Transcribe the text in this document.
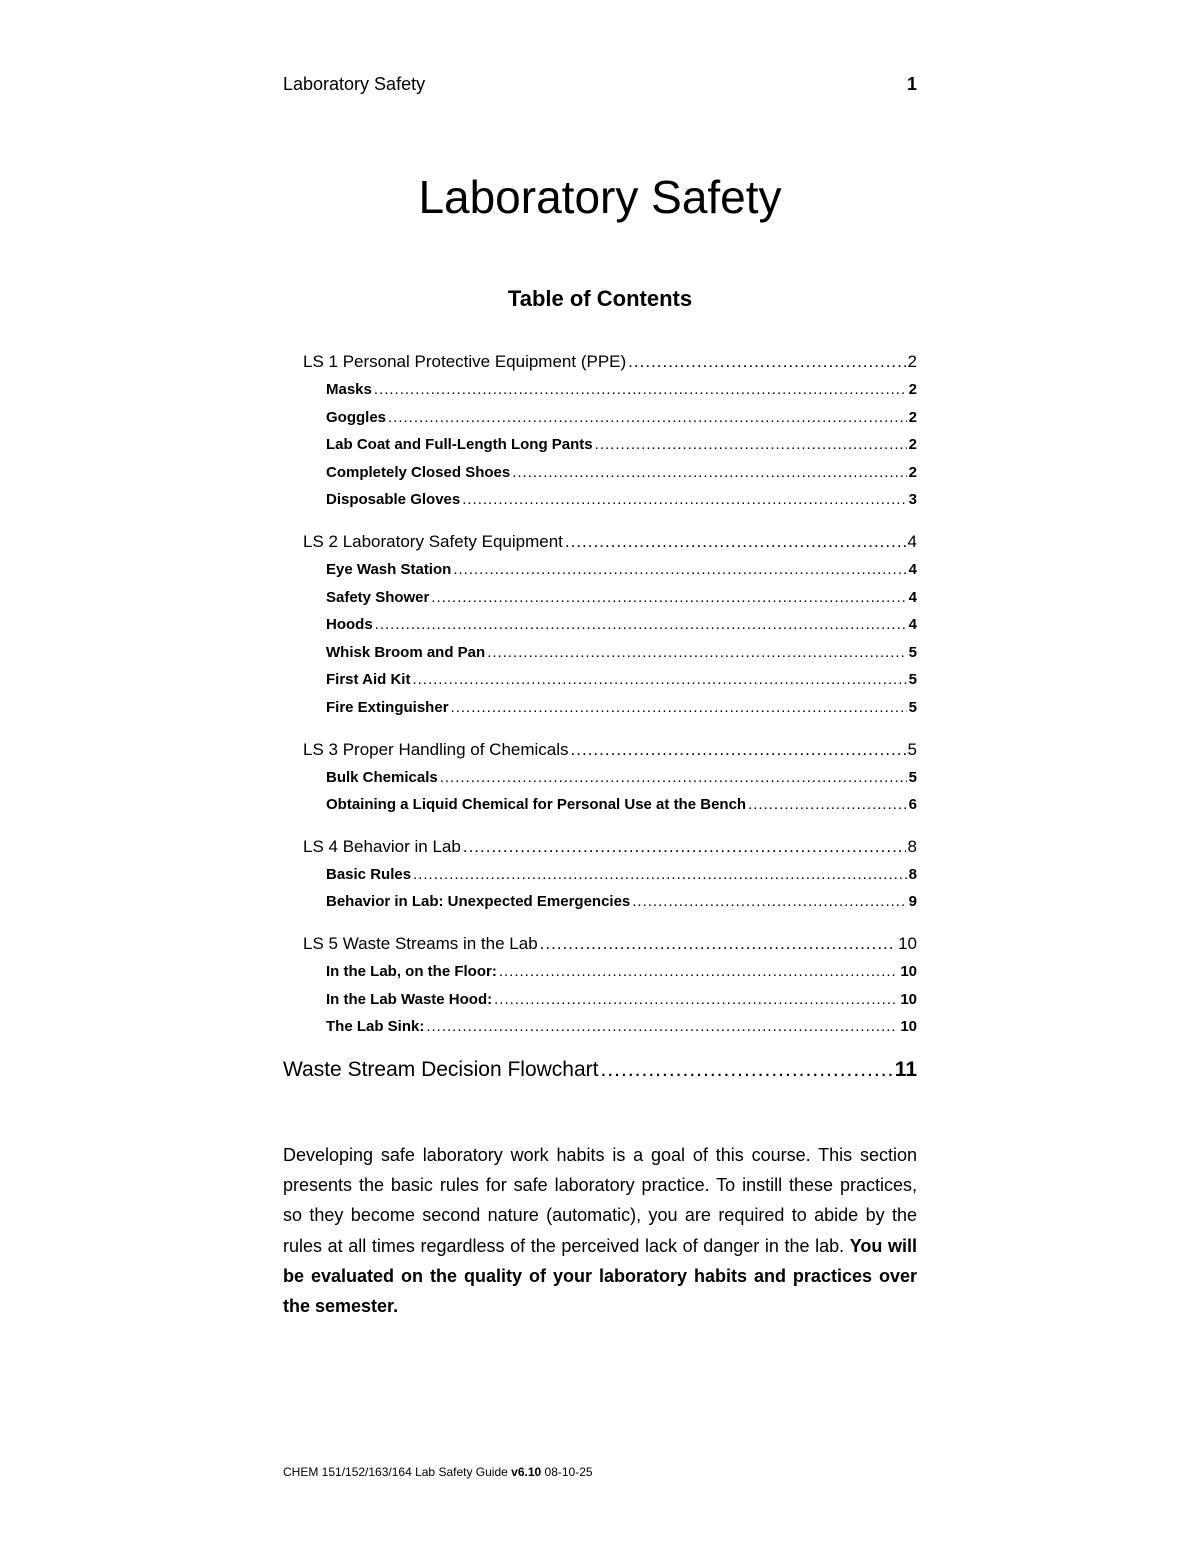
Laboratory Safety	1
Laboratory Safety
Table of Contents
LS 1 Personal Protective Equipment (PPE) .....	2
Masks .....	2
Goggles .....	2
Lab Coat and Full-Length Long Pants .....	2
Completely Closed Shoes .....	2
Disposable Gloves .....	3
LS 2 Laboratory Safety Equipment .....	4
Eye Wash Station .....	4
Safety Shower .....	4
Hoods .....	4
Whisk Broom and Pan .....	5
First Aid Kit .....	5
Fire Extinguisher .....	5
LS 3 Proper Handling of Chemicals .....	5
Bulk Chemicals .....	5
Obtaining a Liquid Chemical for Personal Use at the Bench .....	6
LS 4 Behavior in Lab .....	8
Basic Rules .....	8
Behavior in Lab: Unexpected Emergencies .....	9
LS 5 Waste Streams in the Lab .....	10
In the Lab, on the Floor: .....	10
In the Lab Waste Hood: .....	10
The Lab Sink: .....	10
Waste Stream Decision Flowchart .....	11

Developing safe laboratory work habits is a goal of this course. This section presents the basic rules for safe laboratory practice. To instill these practices, so they become second nature (automatic), you are required to abide by the rules at all times regardless of the perceived lack of danger in the lab. You will be evaluated on the quality of your laboratory habits and practices over the semester.

CHEM 151/152/163/164 Lab Safety Guide v6.10 08-10-25
